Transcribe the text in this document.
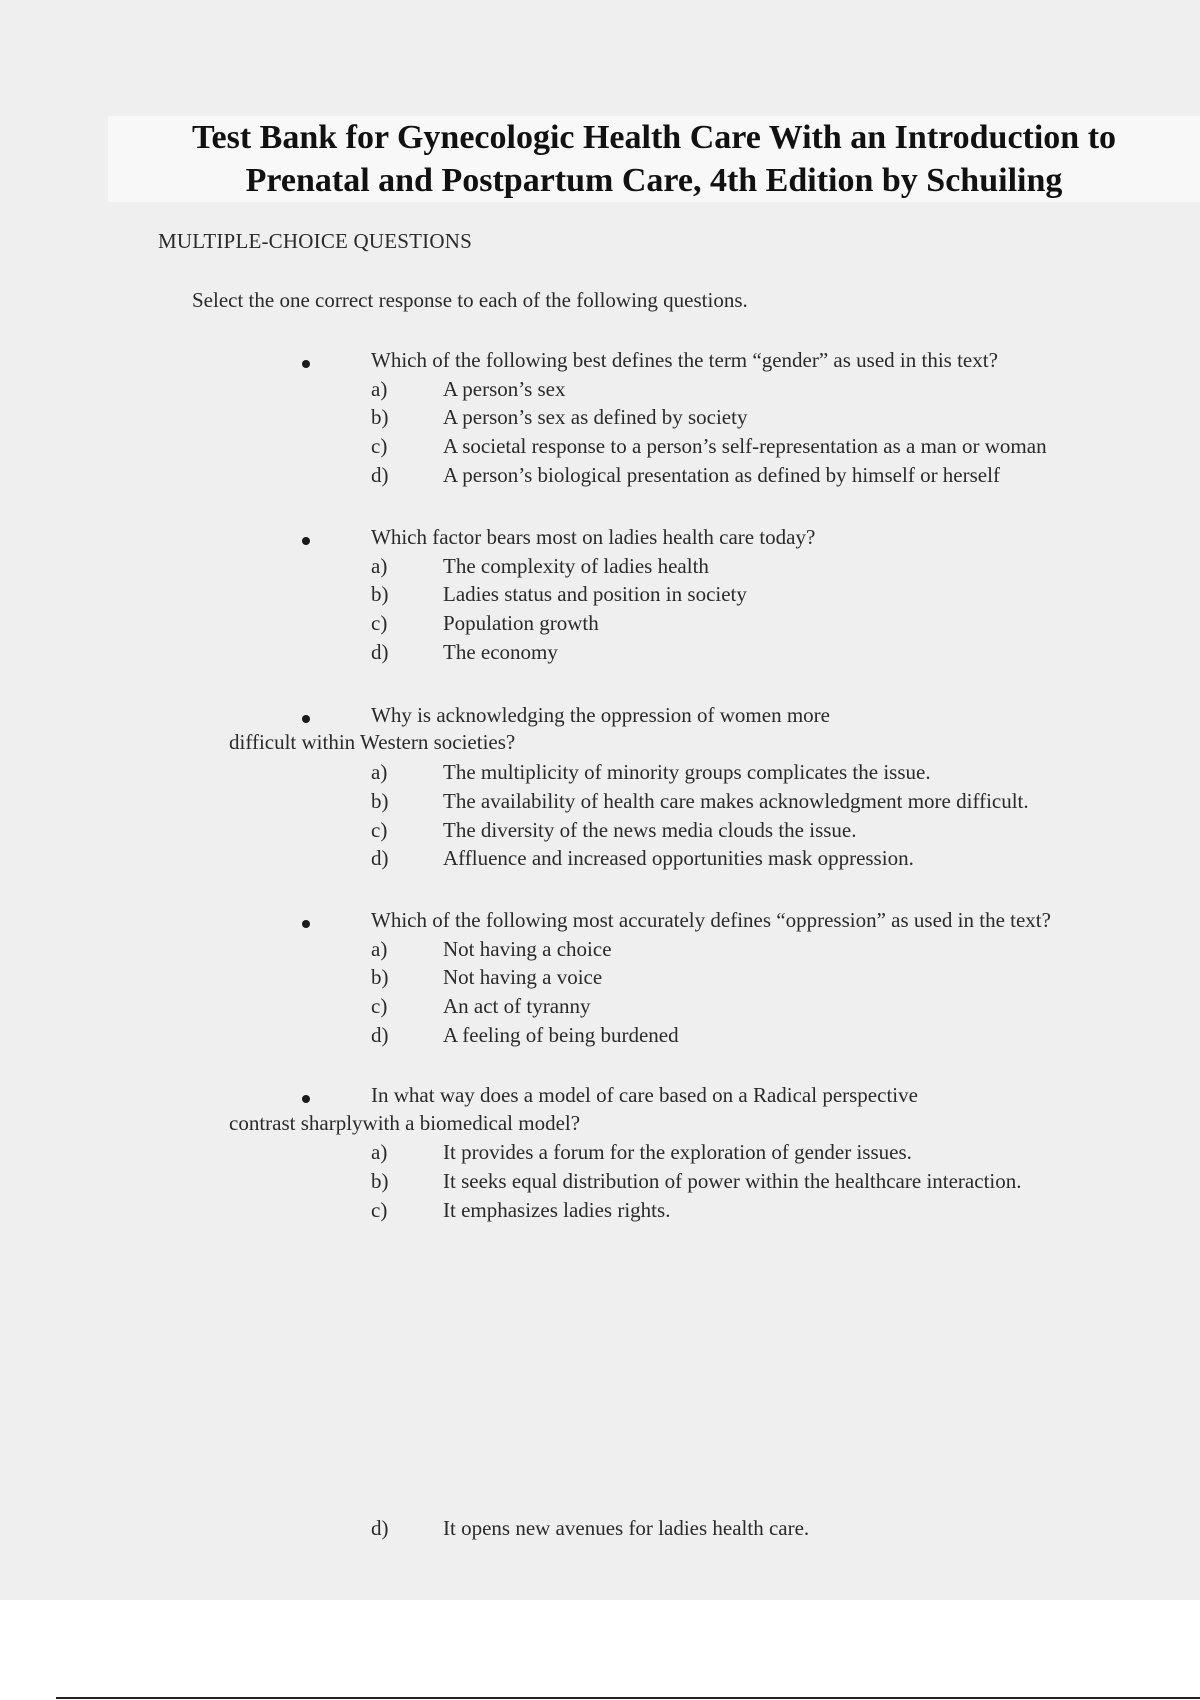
Test Bank for Gynecologic Health Care With an Introduction to
Prenatal and Postpartum Care, 4th Edition by Schuiling
MULTIPLE-CHOICE QUESTIONS
Select the one correct response to each of the following questions.
Which of the following best defines the term “gender” as used in this text?
a)	A person’s sex
b)	A person’s sex as defined by society
c)	A societal response to a person’s self-representation as a man or woman
d)	A person’s biological presentation as defined by himself or herself
Which factor bears most on ladies health care today?
a)	The complexity of ladies health
b)	Ladies status and position in society
c)	Population growth
d)	The economy
Why is acknowledging the oppression of women more
difficult within Western societies?
a)	The multiplicity of minority groups complicates the issue.
b)	The availability of health care makes acknowledgment more difficult.
c)	The diversity of the news media clouds the issue.
d)	Affluence and increased opportunities mask oppression.
Which of the following most accurately defines “oppression” as used in the text?
a)	Not having a choice
b)	Not having a voice
c)	An act of tyranny
d)	A feeling of being burdened
In what way does a model of care based on a Radical perspective
contrast sharplywith a biomedical model?
a)	It provides a forum for the exploration of gender issues.
b)	It seeks equal distribution of power within the healthcare interaction.
c)	It emphasizes ladies rights.
d)	It opens new avenues for ladies health care.
